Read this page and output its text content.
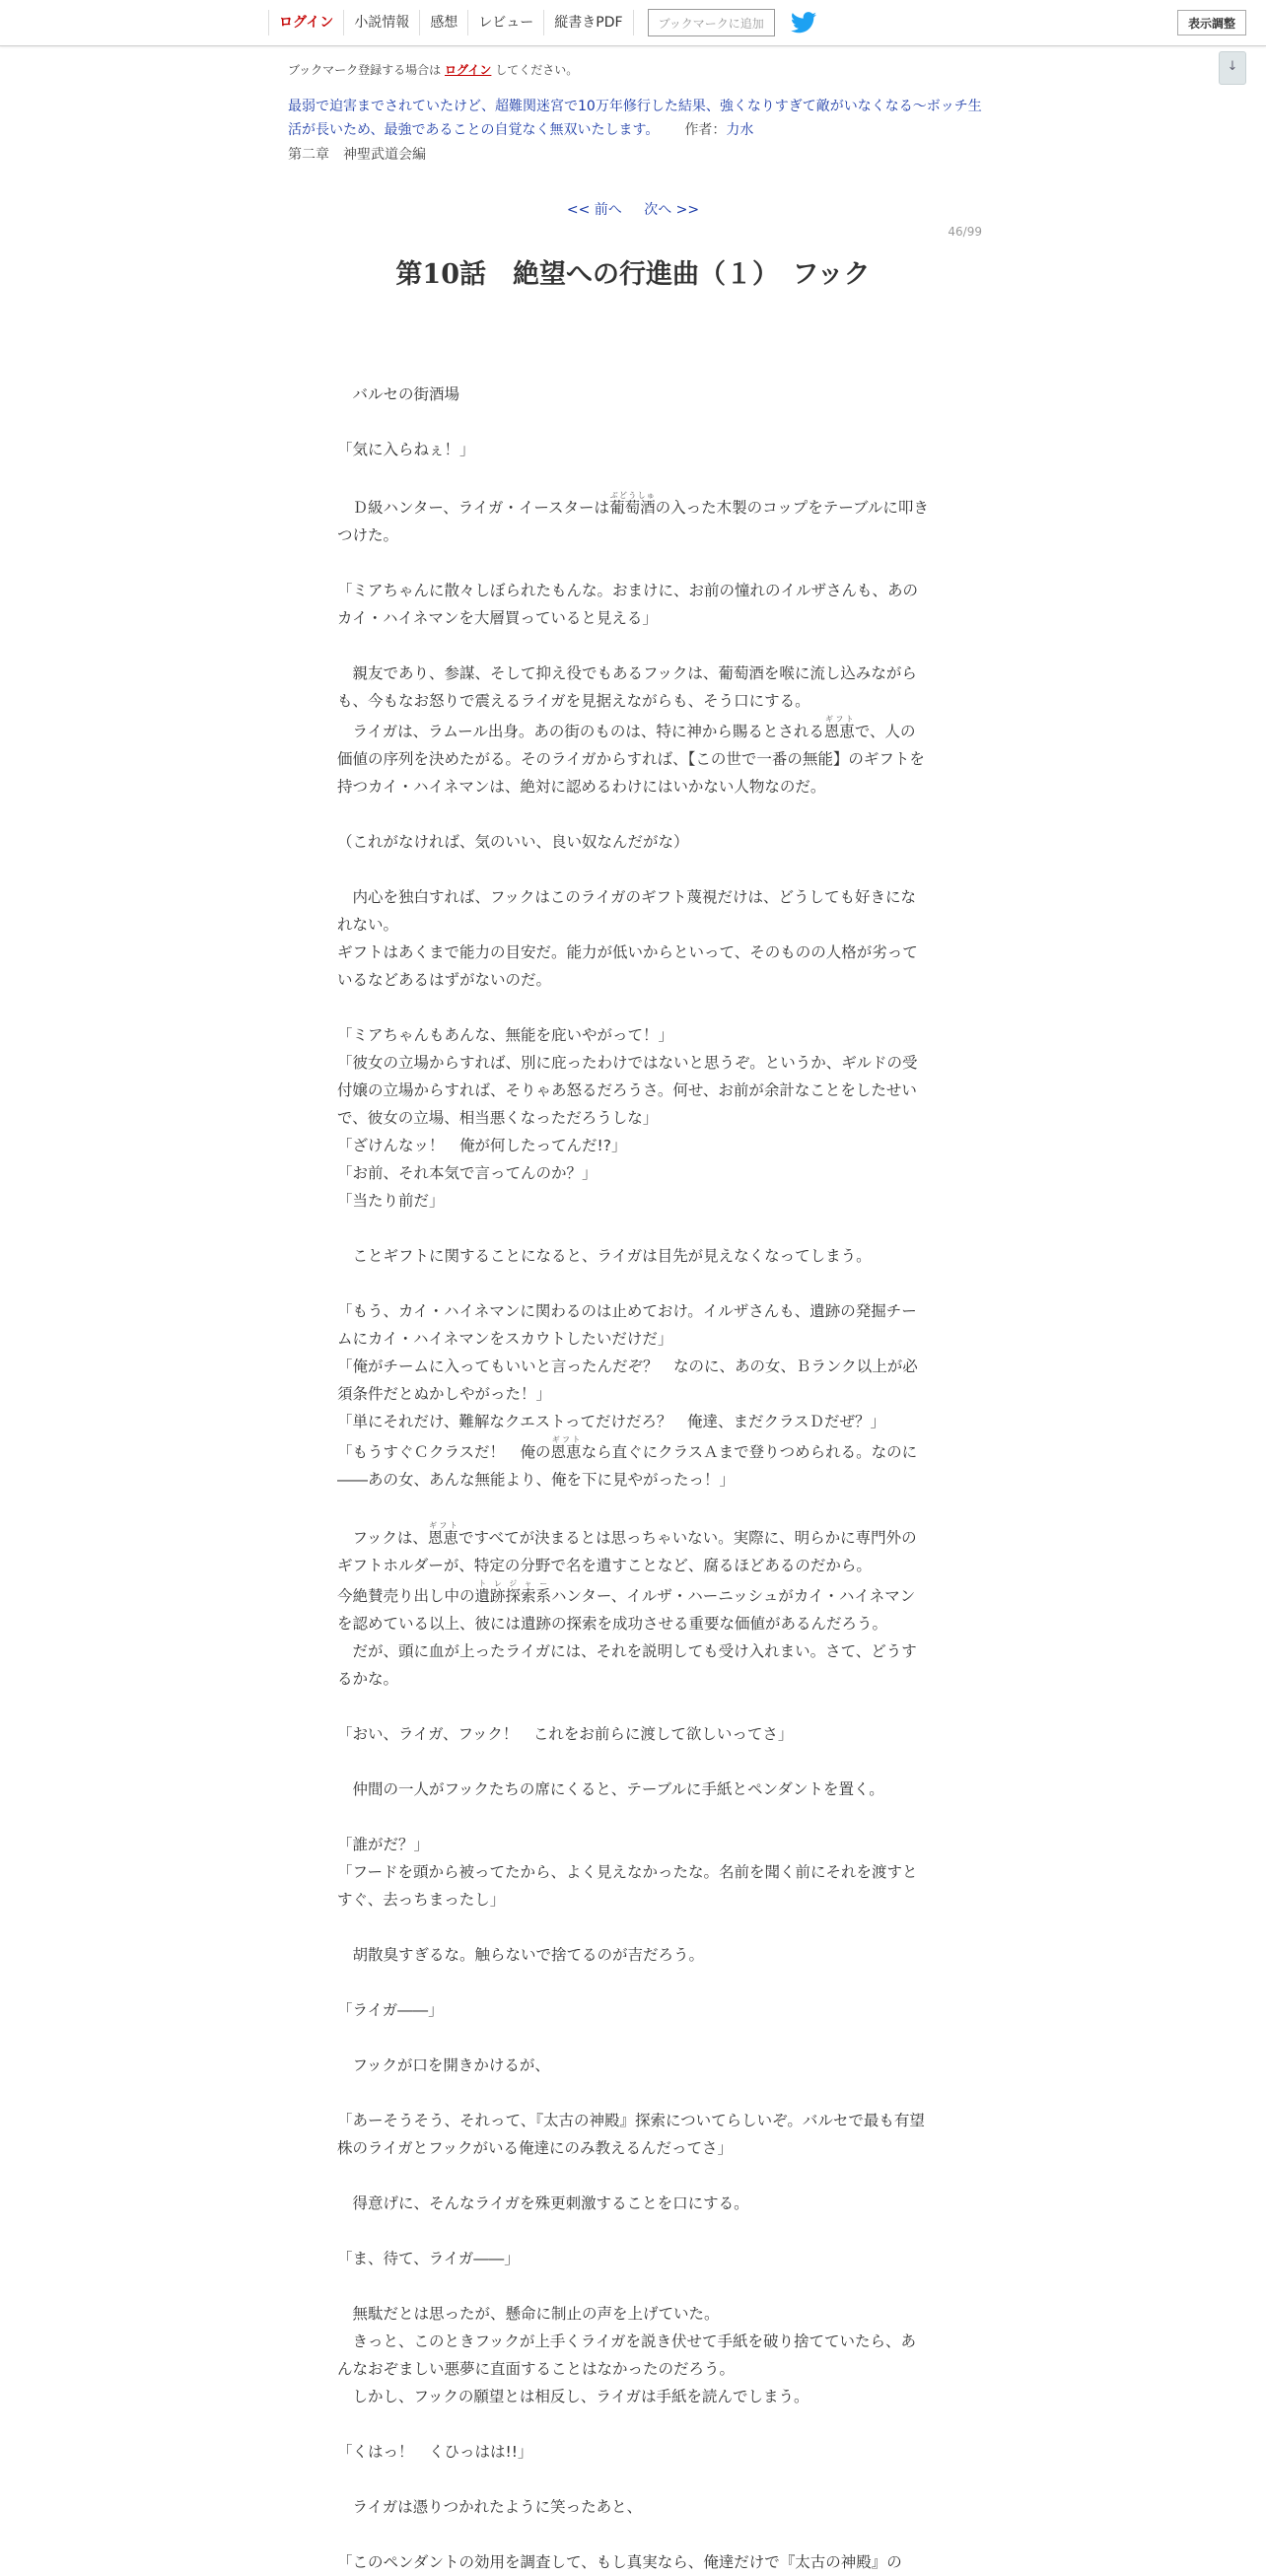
ログイン	小説情報	感想	レビュー	縦書きPDF	ブックマークに追加	表示調整
↓
ブックマーク登録する場合は ログイン してください。
最弱で迫害までされていたけど、超難関迷宮で10万年修行した結果、強くなりすぎて敵がいなくなる～ボッチ生活が長いため、最強であることの自覚なく無双いたします。 作者：力水
第二章　神聖武道会編
<< 前へ 次へ >>
46/99
第10話　絶望への行進曲（１）　フック

　バルセの街酒場

「気に入らねぇ！」

　Ｄ級ハンター、ライガ・イースターは葡萄酒ぶどうしゅの入った木製のコップをテーブルに叩きつけた。

「ミアちゃんに散々しぼられたもんな。おまけに、お前の憧れのイルザさんも、あのカイ・ハイネマンを大層買っていると見える」

　親友であり、参謀、そして抑え役でもあるフックは、葡萄酒を喉に流し込みながらも、今もなお怒りで震えるライガを見据えながらも、そう口にする。

　ライガは、ラムール出身。あの街のものは、特に神から賜るとされる恩恵ギフトで、人の価値の序列を決めたがる。そのライガからすれば、【この世で一番の無能】のギフトを持つカイ・ハイネマンは、絶対に認めるわけにはいかない人物なのだ。

（これがなければ、気のいい、良い奴なんだがな）

　内心を独白すれば、フックはこのライガのギフト蔑視だけは、どうしても好きになれない。

ギフトはあくまで能力の目安だ。能力が低いからといって、そのものの人格が劣っているなどあるはずがないのだ。

「ミアちゃんもあんな、無能を庇いやがって！」

「彼女の立場からすれば、別に庇ったわけではないと思うぞ。というか、ギルドの受付嬢の立場からすれば、そりゃあ怒るだろうさ。何せ、お前が余計なことをしたせいで、彼女の立場、相当悪くなっただろうしな」

「ざけんなッ！　俺が何したってんだ!?」

「お前、それ本気で言ってんのか？」

「当たり前だ」

　ことギフトに関することになると、ライガは目先が見えなくなってしまう。

「もう、カイ・ハイネマンに関わるのは止めておけ。イルザさんも、遺跡の発掘チームにカイ・ハイネマンをスカウトしたいだけだ」

「俺がチームに入ってもいいと言ったんだぞ？　なのに、あの女、Ｂランク以上が必須条件だとぬかしやがった！」

「単にそれだけ、難解なクエストってだけだろ？　俺達、まだクラスＤだぜ？」

「もうすぐＣクラスだ！　俺の恩恵ギフトなら直ぐにクラスＡまで登りつめられる。なのに――あの女、あんな無能より、俺を下に見やがったっ！」

　フックは、恩恵ギフトですべてが決まるとは思っちゃいない。実際に、明らかに専門外のギフトホルダーが、特定の分野で名を遺すことなど、腐るほどあるのだから。

今絶賛売り出し中の遺跡探索系トレジャーハンター、イルザ・ハーニッシュがカイ・ハイネマンを認めている以上、彼には遺跡の探索を成功させる重要な価値があるんだろう。

　だが、頭に血が上ったライガには、それを説明しても受け入れまい。さて、どうするかな。

「おい、ライガ、フック！　これをお前らに渡して欲しいってさ」

　仲間の一人がフックたちの席にくると、テーブルに手紙とペンダントを置く。

「誰がだ？」

「フードを頭から被ってたから、よく見えなかったな。名前を聞く前にそれを渡すとすぐ、去っちまったし」

　胡散臭すぎるな。触らないで捨てるのが吉だろう。

「ライガ――」

　フックが口を開きかけるが、

「あーそうそう、それって、『太古の神殿』探索についてらしいぞ。バルセで最も有望株のライガとフックがいる俺達にのみ教えるんだってさ」

　得意げに、そんなライガを殊更刺激することを口にする。

「ま、待て、ライガ――」

　無駄だとは思ったが、懸命に制止の声を上げていた。

　きっと、このときフックが上手くライガを説き伏せて手紙を破り捨てていたら、あんなおぞましい悪夢に直面することはなかったのだろう。

　しかし、フックの願望とは相反し、ライガは手紙を読んでしまう。

「くはっ！　くひっはは!!」

　ライガは憑りつかれたように笑ったあと、

「このペンダントの効用を調査して、もし真実なら、俺達だけで『太古の神殿』の
